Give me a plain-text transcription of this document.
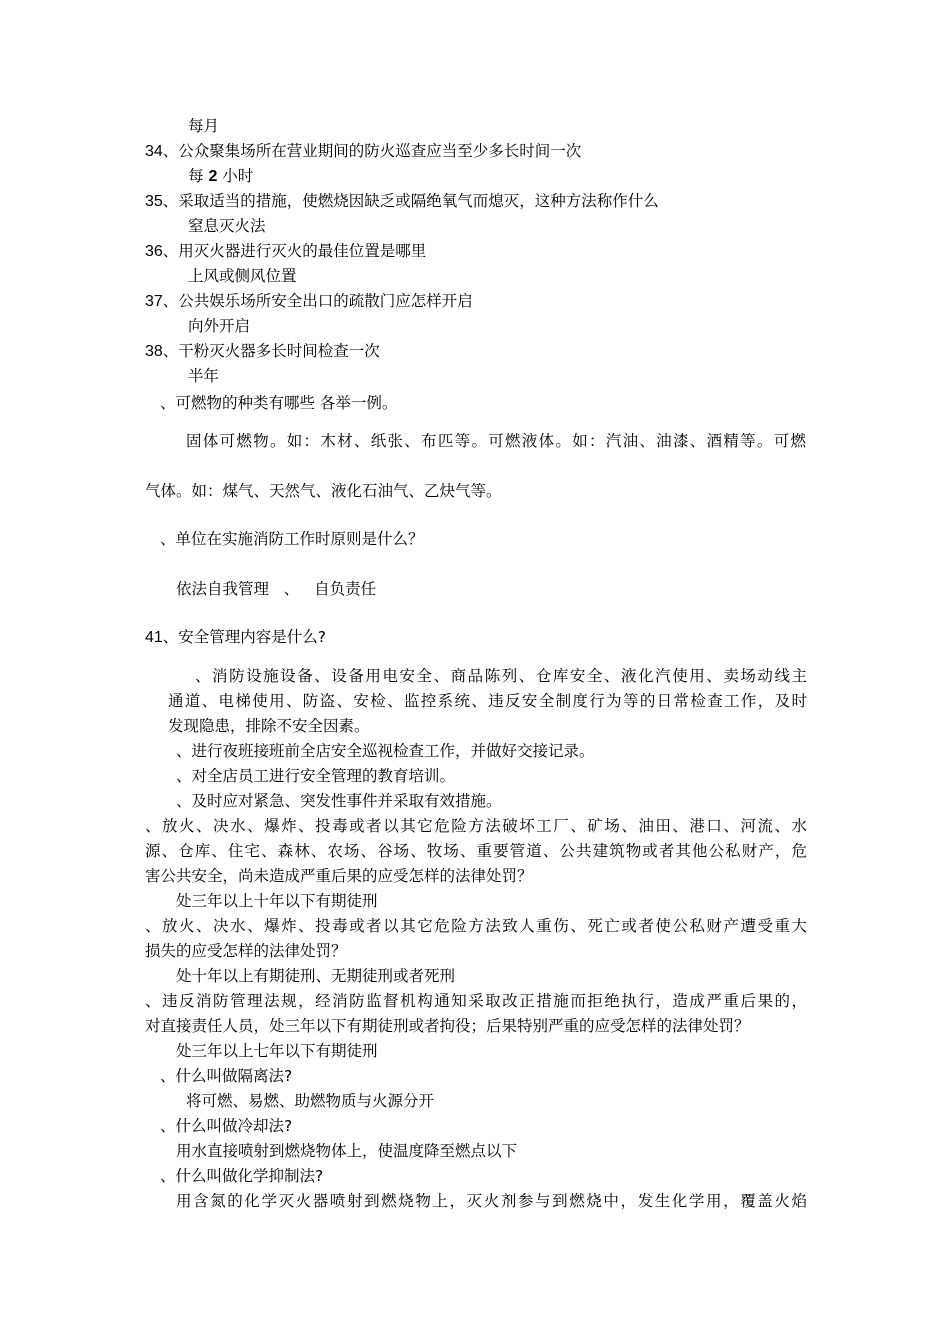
每月
34、公众聚集场所在营业期间的防火巡查应当至少多长时间一次
每 2 小时
35、采取适当的措施，使燃烧因缺乏或隔绝氧气而熄灭，这种方法称作什么
窒息灭火法
36、用灭火器进行灭火的最佳位置是哪里
上风或侧风位置
37、公共娱乐场所安全出口的疏散门应怎样开启
向外开启
38、干粉灭火器多长时间检查一次
半年
、可燃物的种类有哪些 各举一例。
固体可燃物。如：木材、纸张、布匹等。可燃液体。如：汽油、油漆、酒精等。可燃
气体。如：煤气、天然气、液化石油气、乙炔气等。
、单位在实施消防工作时原则是什么？
依法自我管理   、   自负责任
41、安全管理内容是什么?
、消防设施设备、设备用电安全、商品陈列、仓库安全、液化汽使用、卖场动线主
通道、电梯使用、防盗、安检、监控系统、违反安全制度行为等的日常检查工作，及时
发现隐患，排除不安全因素。
、进行夜班接班前全店安全巡视检查工作，并做好交接记录。
、对全店员工进行安全管理的教育培训。
、及时应对紧急、突发性事件并采取有效措施。
、放火、决水、爆炸、投毒或者以其它危险方法破坏工厂、矿场、油田、港口、河流、水
源、仓库、住宅、森林、农场、谷场、牧场、重要管道、公共建筑物或者其他公私财产，危
害公共安全，尚未造成严重后果的应受怎样的法律处罚？
处三年以上十年以下有期徒刑
、放火、决水、爆炸、投毒或者以其它危险方法致人重伤、死亡或者使公私财产遭受重大
损失的应受怎样的法律处罚？
处十年以上有期徒刑、无期徒刑或者死刑
、违反消防管理法规，经消防监督机构通知采取改正措施而拒绝执行，造成严重后果的，
对直接责任人员，处三年以下有期徒刑或者拘役；后果特别严重的应受怎样的法律处罚？
处三年以上七年以下有期徒刑
、什么叫做隔离法?
将可燃、易燃、助燃物质与火源分开
、什么叫做冷却法?
用水直接喷射到燃烧物体上，使温度降至燃点以下
、什么叫做化学抑制法?
用含氮的化学灭火器喷射到燃烧物上，灭火剂参与到燃烧中，发生化学用，覆盖火焰
